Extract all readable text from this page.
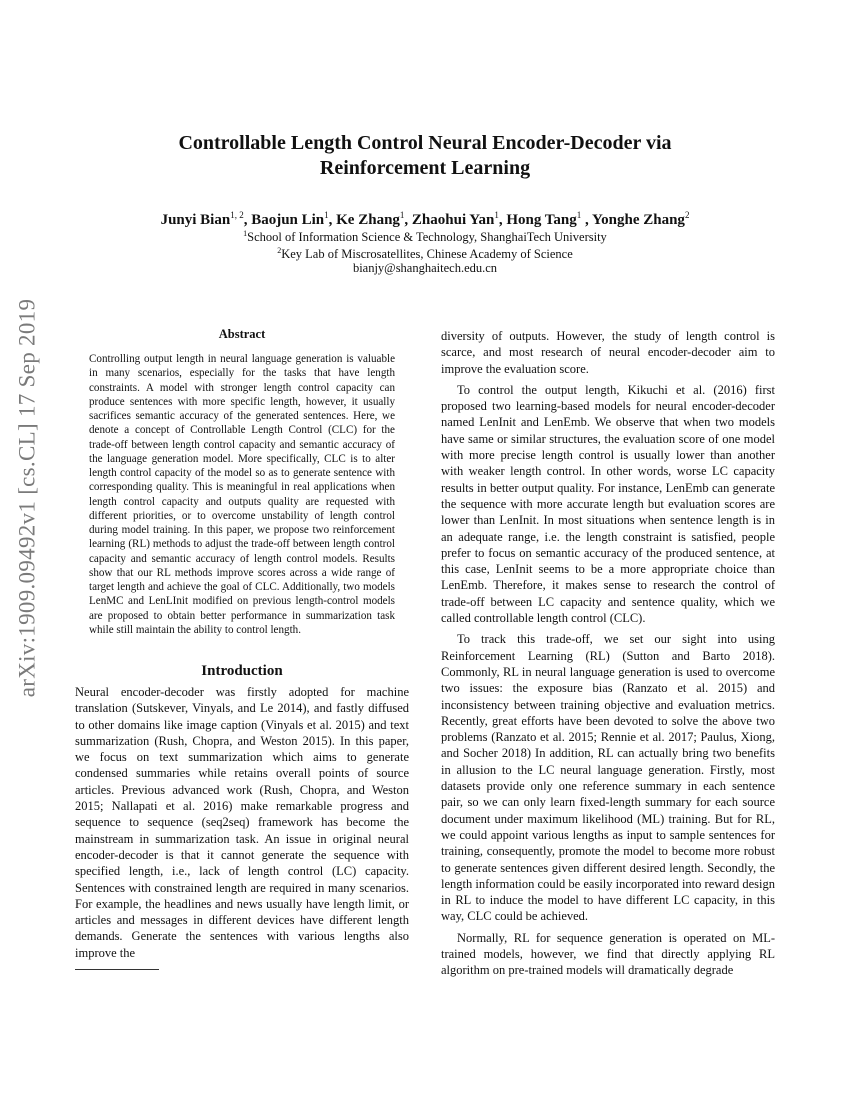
arXiv:1909.09492v1 [cs.CL] 17 Sep 2019
Controllable Length Control Neural Encoder-Decoder via
Reinforcement Learning
Junyi Bian$^{1, 2}$, Baojun Lin$^1$, Ke Zhang$^1$, Zhaohui Yan$^1$, Hong Tang$^1$ , Yonghe Zhang$^2$
$^1$School of Information Science & Technology, ShanghaiTech University
$^2$Key Lab of Miscrosatellites, Chinese Academy of Science
bianjy@shanghaitech.edu.cn
Abstract

Controlling output length in neural language generation is valuable in many scenarios, especially for the tasks that have length constraints. A model with stronger length control capacity can produce sentences with more specific length, however, it usually sacrifices semantic accuracy of the generated sentences. Here, we denote a concept of Controllable Length Control (CLC) for the trade-off between length control capacity and semantic accuracy of the language generation model. More specifically, CLC is to alter length control capacity of the model so as to generate sentence with corresponding quality. This is meaningful in real applications when length control capacity and outputs quality are requested with different priorities, or to overcome unstability of length control during model training. In this paper, we propose two reinforcement learning (RL) methods to adjust the trade-off between length control capacity and semantic accuracy of length control models. Results show that our RL methods improve scores across a wide range of target length and achieve the goal of CLC. Additionally, two models LenMC and LenLInit modified on previous length-control models are proposed to obtain better performance in summarization task while still maintain the ability to control length.

Introduction

Neural encoder-decoder was firstly adopted for machine translation (Sutskever, Vinyals, and Le 2014), and fastly diffused to other domains like image caption (Vinyals et al. 2015) and text summarization (Rush, Chopra, and Weston 2015). In this paper, we focus on text summarization which aims to generate condensed summaries while retains overall points of source articles. Previous advanced work (Rush, Chopra, and Weston 2015; Nallapati et al. 2016) make remarkable progress and sequence to sequence (seq2seq) framework has become the mainstream in summarization task. An issue in original neural encoder-decoder is that it cannot generate the sequence with specified length, i.e., lack of length control (LC) capacity. Sentences with constrained length are required in many scenarios. For example, the headlines and news usually have length limit, or articles and messages in different devices have different length demands. Generate the sentences with various lengths also improve the

diversity of outputs. However, the study of length control is scarce, and most research of neural encoder-decoder aim to improve the evaluation score.

To control the output length, Kikuchi et al. (2016) first proposed two learning-based models for neural encoder-decoder named LenInit and LenEmb. We observe that when two models have same or similar structures, the evaluation score of one model with more precise length control is usually lower than another with weaker length control. In other words, worse LC capacity results in better output quality. For instance, LenEmb can generate the sequence with more accurate length but evaluation scores are lower than LenInit. In most situations when sentence length is in an adequate range, i.e. the length constraint is satisfied, people prefer to focus on semantic accuracy of the produced sentence, at this case, LenInit seems to be a more appropriate choice than LenEmb. Therefore, it makes sense to research the control of trade-off between LC capacity and sentence quality, which we called controllable length control (CLC).

To track this trade-off, we set our sight into using Reinforcement Learning (RL) (Sutton and Barto 2018). Commonly, RL in neural language generation is used to overcome two issues: the exposure bias (Ranzato et al. 2015) and inconsistency between training objective and evaluation metrics. Recently, great efforts have been devoted to solve the above two problems (Ranzato et al. 2015; Rennie et al. 2017; Paulus, Xiong, and Socher 2018) In addition, RL can actually bring two benefits in allusion to the LC neural language generation. Firstly, most datasets provide only one reference summary in each sentence pair, so we can only learn fixed-length summary for each source document under maximum likelihood (ML) training. But for RL, we could appoint various lengths as input to sample sentences for training, consequently, promote the model to become more robust to generate sentences given different desired length. Secondly, the length information could be easily incorporated into reward design in RL to induce the model to have different LC capacity, in this way, CLC could be achieved.

Normally, RL for sequence generation is operated on ML-trained models, however, we find that directly applying RL algorithm on pre-trained models will dramatically degrade
